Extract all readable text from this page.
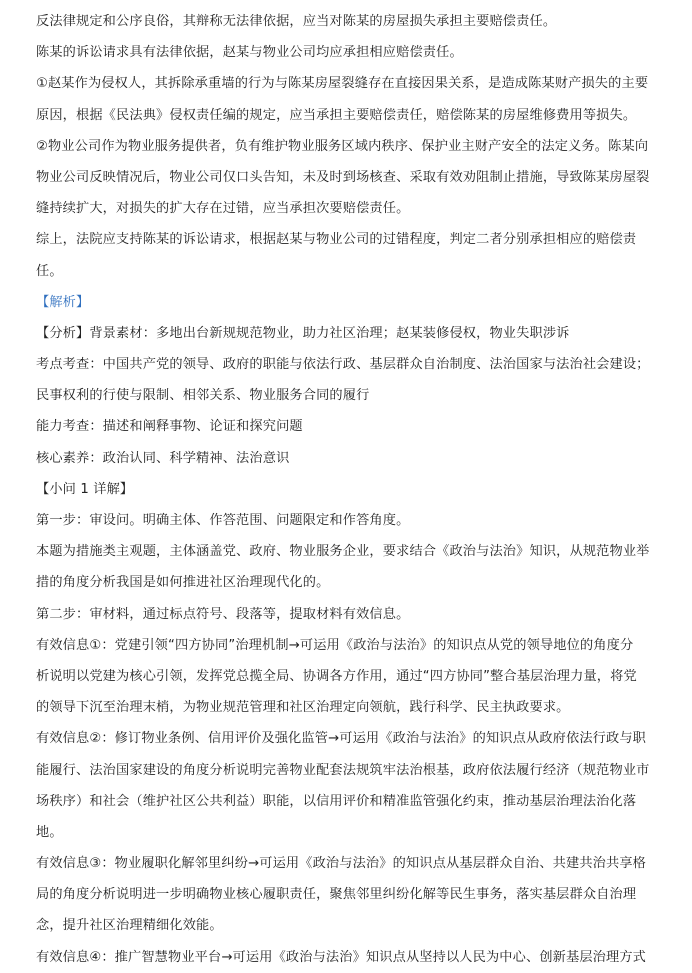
反法律规定和公序良俗，其辩称无法律依据，应当对陈某的房屋损失承担主要赔偿责任。
陈某的诉讼请求具有法律依据，赵某与物业公司均应承担相应赔偿责任。
①赵某作为侵权人，其拆除承重墙的行为与陈某房屋裂缝存在直接因果关系，是造成陈某财产损失的主要
原因，根据《民法典》侵权责任编的规定，应当承担主要赔偿责任，赔偿陈某的房屋维修费用等损失。
②物业公司作为物业服务提供者，负有维护物业服务区域内秩序、保护业主财产安全的法定义务。陈某向
物业公司反映情况后，物业公司仅口头告知，未及时到场核查、采取有效劝阻制止措施，导致陈某房屋裂
缝持续扩大，对损失的扩大存在过错，应当承担次要赔偿责任。
综上，法院应支持陈某的诉讼请求，根据赵某与物业公司的过错程度，判定二者分别承担相应的赔偿责
任。
【解析】
【分析】背景素材：多地出台新规规范物业，助力社区治理；赵某装修侵权，物业失职涉诉
考点考查：中国共产党的领导、政府的职能与依法行政、基层群众自治制度、法治国家与法治社会建设；
民事权利的行使与限制、相邻关系、物业服务合同的履行
能力考查：描述和阐释事物、论证和探究问题
核心素养：政治认同、科学精神、法治意识
【小问 1 详解】
第一步：审设问。明确主体、作答范围、问题限定和作答角度。
本题为措施类主观题，主体涵盖党、政府、物业服务企业，要求结合《政治与法治》知识，从规范物业举
措的角度分析我国是如何推进社区治理现代化的。
第二步：审材料，通过标点符号、段落等，提取材料有效信息。
有效信息①：党建引领“四方协同”治理机制→可运用《政治与法治》的知识点从党的领导地位的角度分
析说明以党建为核心引领，发挥党总揽全局、协调各方作用，通过“四方协同”整合基层治理力量，将党
的领导下沉至治理末梢，为物业规范管理和社区治理定向领航，践行科学、民主执政要求。
有效信息②：修订物业条例、信用评价及强化监管→可运用《政治与法治》的知识点从政府依法行政与职
能履行、法治国家建设的角度分析说明完善物业配套法规筑牢法治根基，政府依法履行经济（规范物业市
场秩序）和社会（维护社区公共利益）职能，以信用评价和精准监管强化约束，推动基层治理法治化落
地。
有效信息③：物业履职化解邻里纠纷→可运用《政治与法治》的知识点从基层群众自治、共建共治共享格
局的角度分析说明进一步明确物业核心履职责任，聚焦邻里纠纷化解等民生事务，落实基层群众自治理
念，提升社区治理精细化效能。
有效信息④：推广智慧物业平台→可运用《政治与法治》知识点从坚持以人民为中心、创新基层治理方式
